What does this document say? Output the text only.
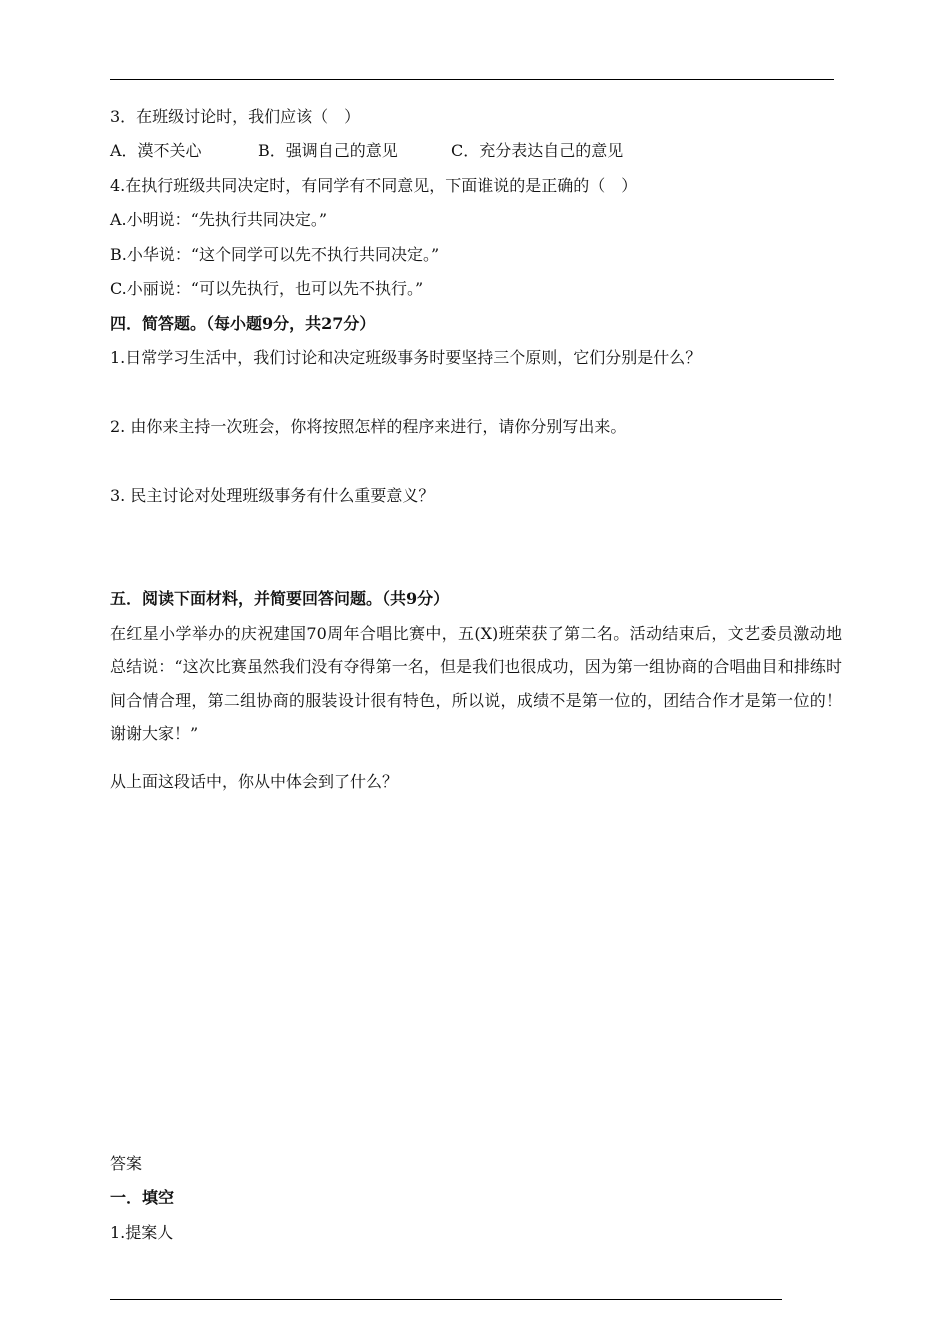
3．在班级讨论时，我们应该（　）
A．漠不关心	B．强调自己的意见	C．充分表达自己的意见
4.在执行班级共同决定时，有同学有不同意见，下面谁说的是正确的（　）
A.小明说：“先执行共同决定。”
B.小华说：“这个同学可以先不执行共同决定。”
C.小丽说：“可以先执行，也可以先不执行。”
四．简答题。（每小题9分，共27分）
1.日常学习生活中，我们讨论和决定班级事务时要坚持三个原则，它们分别是什么？
2. 由你来主持一次班会，你将按照怎样的程序来进行，请你分别写出来。
3. 民主讨论对处理班级事务有什么重要意义？
五．阅读下面材料，并简要回答问题。（共9分）
在红星小学举办的庆祝建国70周年合唱比赛中，五(X)班荣获了第二名。活动结束后，文艺委员激动地总结说：“这次比赛虽然我们没有夺得第一名，但是我们也很成功，因为第一组协商的合唱曲目和排练时间合情合理，第二组协商的服装设计很有特色，所以说，成绩不是第一位的，团结合作才是第一位的！谢谢大家！”
从上面这段话中，你从中体会到了什么？
答案
一．填空
1.提案人
